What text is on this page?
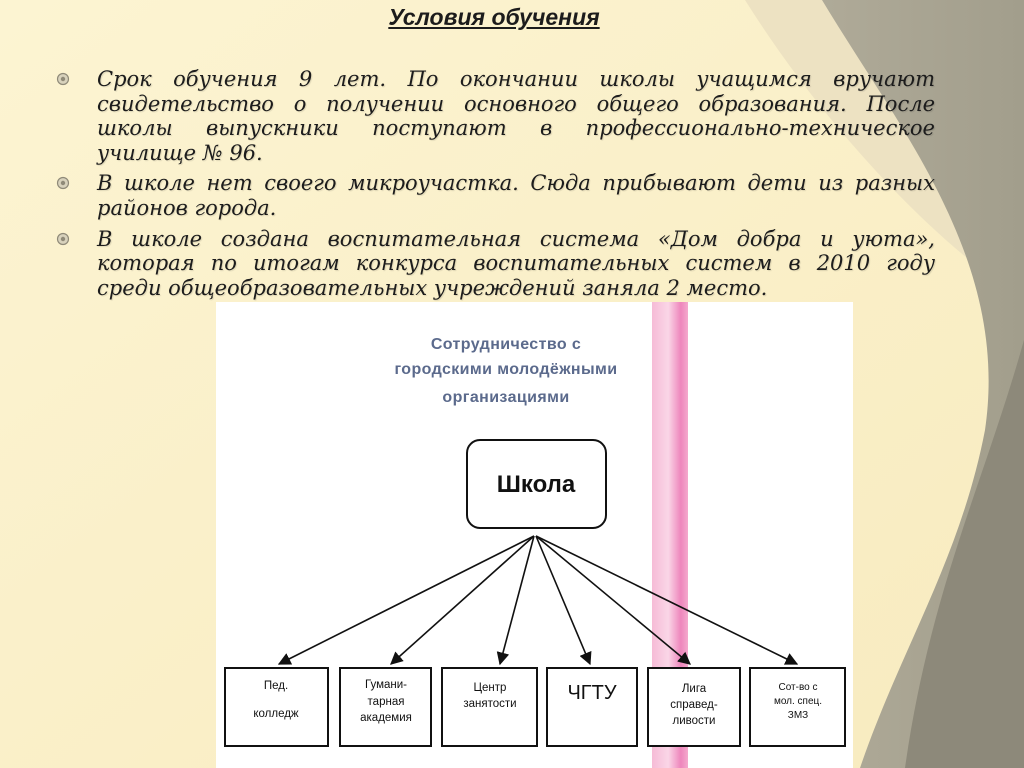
Условия обучения
Срок обучения 9 лет. По окончании школы учащимся вручают
свидетельство о получении основного общего образования. После
школы выпускники поступают в профессионально-техническое
училище № 96.
В школе нет своего микроучастка. Сюда прибывают дети из разных
районов города.
В школе создана воспитательная система «Дом добра и уюта»,
которая по итогам конкурса воспитательных систем в 2010 году
среди общеобразовательных учреждений заняла 2 место.
Сотрудничество с
городскими молодёжными
организациями
Школа
Пед.
колледж
Гумани-
тарная
академия
Центр
занятости	ЧГТУ	Лига
справед-
ливости
Сот-во с
мол. спец.
ЗМЗ
